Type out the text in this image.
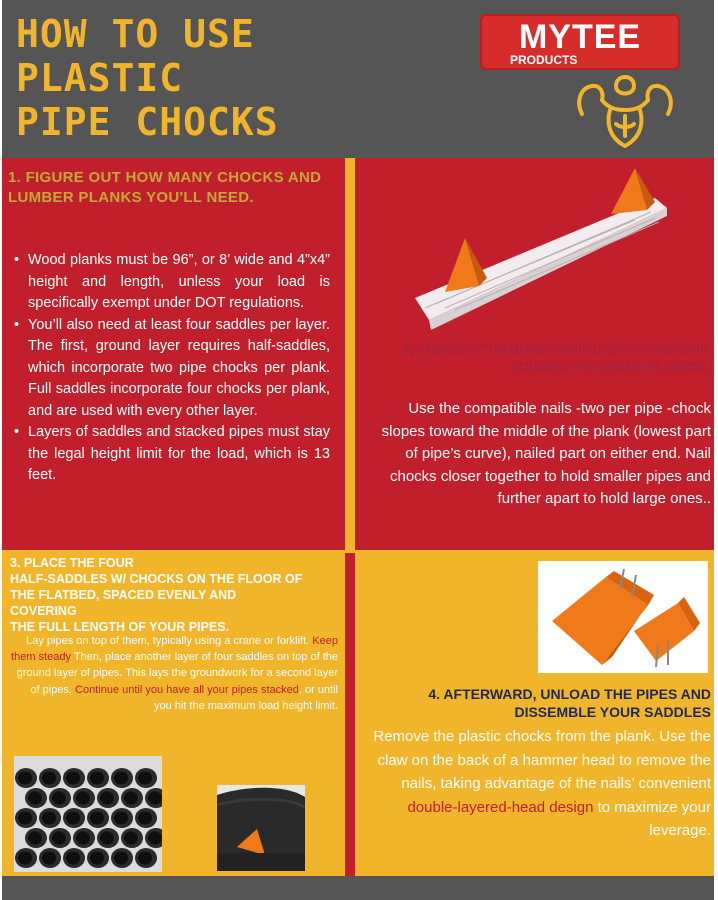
HOW TO USE
PLASTIC
PIPE CHOCKS
MYTEE
PRODUCTS
1. FIGURE OUT HOW MANY CHOCKS AND LUMBER PLANKS YOU'LL NEED.
• Wood planks must be 96”, or 8’ wide and 4”x4” height and length, unless your load is specifically exempt under DOT regulations.
• You’ll also need at least four saddles per layer. The first, ground layer requires half-saddles, which incorporate two pipe chocks per plank. Full saddles incorporate four chocks per plank, and are used with every other layer.
• Layers of saddles and stacked pipes must stay the legal height limit for the load, which is 13 feet.
2. CREATE “LUMBER SADDLES” BY NAILING CHOCKS TO WOOD PLANKS.

Use the compatible nails -two per pipe -chock slopes toward the middle of the plank (lowest part of pipe’s curve), nailed part on either end. Nail chocks closer together to hold smaller pipes and further apart to hold large ones..

3. PLACE THE FOUR
HALF-SADDLES W/ CHOCKS ON THE FLOOR OF
THE FLATBED, SPACED EVENLY AND
COVERING
THE FULL LENGTH OF YOUR PIPES.

Lay pipes on top of them, typically using a crane or forklift. Keep them steady Then, place another layer of four saddles on top of the ground layer of pipes. This lays the groundwork for a second layer of pipes. Continue until you have all your pipes stacked, or until you hit the maximum load height limit.

4. AFTERWARD, UNLOAD THE PIPES AND DISSEMBLE YOUR SADDLES

Remove the plastic chocks from the plank. Use the claw on the back of a hammer head to remove the nails, taking advantage of the nails’ convenient double-layered-head design to maximize your leverage.
